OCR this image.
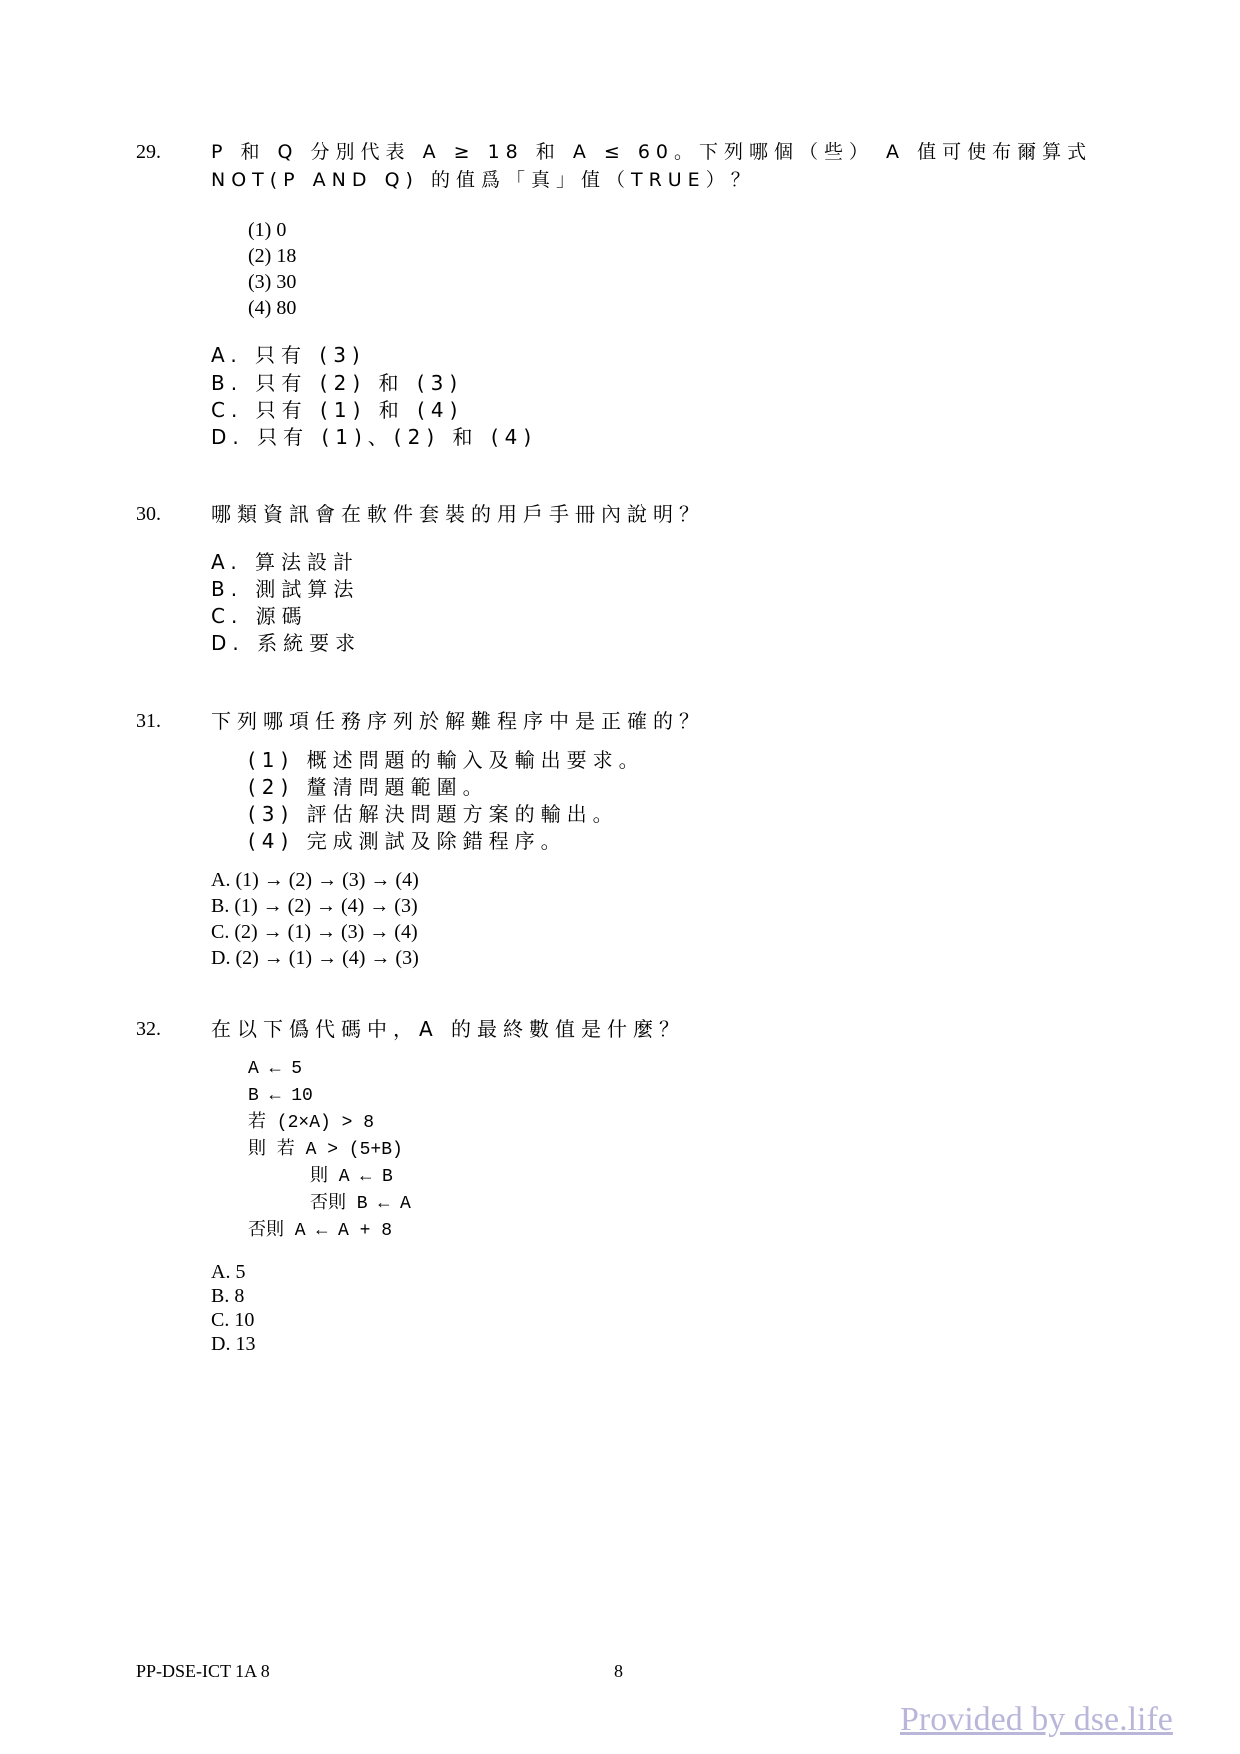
29.	P 和 Q 分別代表 A ≥ 18 和 A ≤ 60。下列哪個（些） A 值可使布爾算式
NOT(P AND Q) 的值爲「真」值（TRUE）？
(1) 0
(2) 18
(3) 30
(4) 80
A. 只有 (3)
B. 只有 (2) 和 (3)
C. 只有 (1) 和 (4)
D. 只有 (1)、(2) 和 (4)
30.	哪類資訊會在軟件套裝的用戶手冊內說明？
A. 算法設計
B. 測試算法
C. 源碼
D. 系統要求
31.	下列哪項任務序列於解難程序中是正確的？
(1) 概述問題的輸入及輸出要求。
(2) 釐清問題範圍。
(3) 評估解決問題方案的輸出。
(4) 完成測試及除錯程序。
A. (1) → (2) → (3) → (4)
B. (1) → (2) → (4) → (3)
C. (2) → (1) → (3) → (4)
D. (2) → (1) → (4) → (3)
32.	在以下僞代碼中，A 的最終數值是什麼？
A ← 5
B ← 10
若 (2×A) > 8
則 若 A > (5+B)
則 A ← B
否則 B ← A
否則 A ← A + 8
A. 5
B. 8
C. 10
D. 13
PP-DSE-ICT 1A 8	8
Provided by dse.life
